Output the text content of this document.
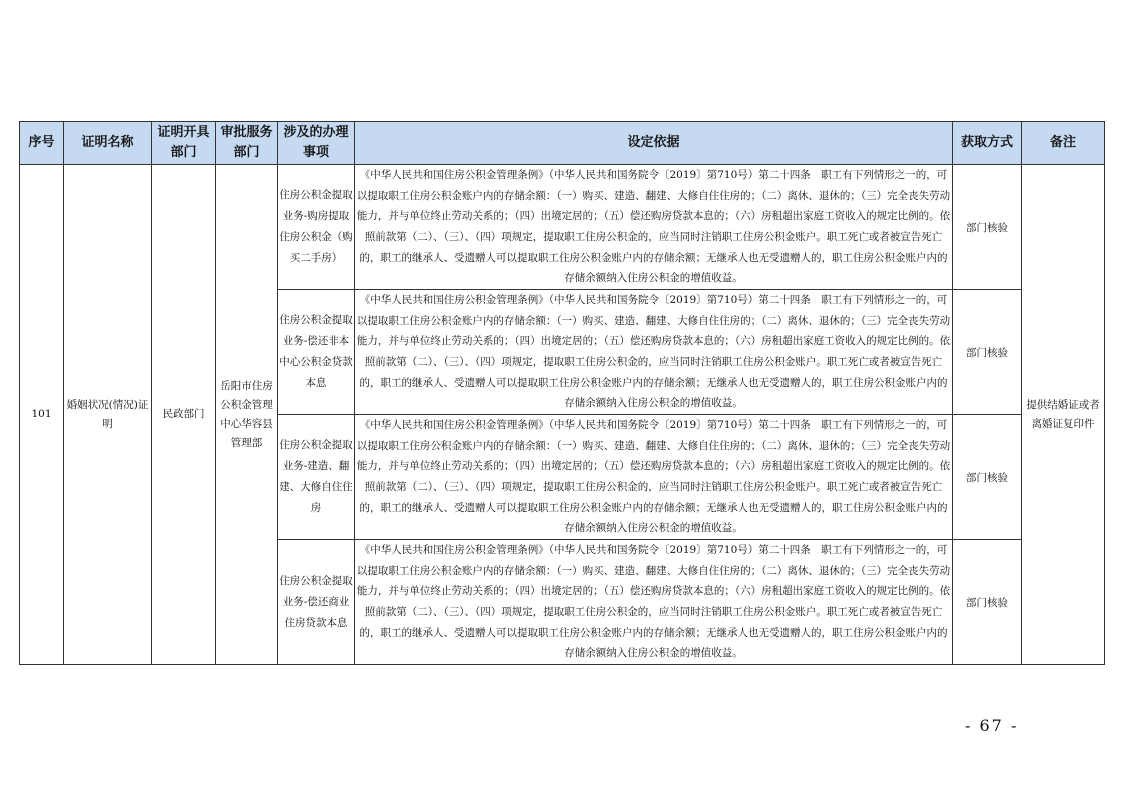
序号	证明名称	证明开具部门	审批服务部门	涉及的办理事项	设定依据	获取方式	备注
101	婚姻状况(情况)证明	民政部门	岳阳市住房公积金管理中心华容县管理部	住房公积金提取业务-购房提取住房公积金（购买二手房）	《中华人民共和国住房公积金管理条例》（中华人民共和国务院令〔2019〕第710号）第二十四条　职工有下列情形之一的，可以提取职工住房公积金账户内的存储余额：（一）购买、建造、翻建、大修自住住房的；（二）离休、退休的；（三）完全丧失劳动能力，并与单位终止劳动关系的；（四）出境定居的；（五）偿还购房贷款本息的；（六）房租超出家庭工资收入的规定比例的。依照前款第（二）、（三）、（四）项规定，提取职工住房公积金的，应当同时注销职工住房公积金账户。职工死亡或者被宣告死亡的，职工的继承人、受遗赠人可以提取职工住房公积金账户内的存储余额；无继承人也无受遗赠人的，职工住房公积金账户内的存储余额纳入住房公积金的增值收益。	部门核验	提供结婚证或者离婚证复印件
				住房公积金提取业务-偿还非本中心公积金贷款本息	《中华人民共和国住房公积金管理条例》（中华人民共和国务院令〔2019〕第710号）第二十四条　职工有下列情形之一的，可以提取职工住房公积金账户内的存储余额：（一）购买、建造、翻建、大修自住住房的；（二）离休、退休的；（三）完全丧失劳动能力，并与单位终止劳动关系的；（四）出境定居的；（五）偿还购房贷款本息的；（六）房租超出家庭工资收入的规定比例的。依照前款第（二）、（三）、（四）项规定，提取职工住房公积金的，应当同时注销职工住房公积金账户。职工死亡或者被宣告死亡的，职工的继承人、受遗赠人可以提取职工住房公积金账户内的存储余额；无继承人也无受遗赠人的，职工住房公积金账户内的存储余额纳入住房公积金的增值收益。	部门核验	
				住房公积金提取业务-建造、翻建、大修自住住房	《中华人民共和国住房公积金管理条例》（中华人民共和国务院令〔2019〕第710号）第二十四条　职工有下列情形之一的，可以提取职工住房公积金账户内的存储余额：（一）购买、建造、翻建、大修自住住房的；（二）离休、退休的；（三）完全丧失劳动能力，并与单位终止劳动关系的；（四）出境定居的；（五）偿还购房贷款本息的；（六）房租超出家庭工资收入的规定比例的。依照前款第（二）、（三）、（四）项规定，提取职工住房公积金的，应当同时注销职工住房公积金账户。职工死亡或者被宣告死亡的，职工的继承人、受遗赠人可以提取职工住房公积金账户内的存储余额；无继承人也无受遗赠人的，职工住房公积金账户内的存储余额纳入住房公积金的增值收益。	部门核验	
				住房公积金提取业务-偿还商业住房贷款本息	《中华人民共和国住房公积金管理条例》（中华人民共和国务院令〔2019〕第710号）第二十四条　职工有下列情形之一的，可以提取职工住房公积金账户内的存储余额：（一）购买、建造、翻建、大修自住住房的；（二）离休、退休的；（三）完全丧失劳动能力，并与单位终止劳动关系的；（四）出境定居的；（五）偿还购房贷款本息的；（六）房租超出家庭工资收入的规定比例的。依照前款第（二）、（三）、（四）项规定，提取职工住房公积金的，应当同时注销职工住房公积金账户。职工死亡或者被宣告死亡的，职工的继承人、受遗赠人可以提取职工住房公积金账户内的存储余额；无继承人也无受遗赠人的，职工住房公积金账户内的存储余额纳入住房公积金的增值收益。	部门核验	
- 67 -
